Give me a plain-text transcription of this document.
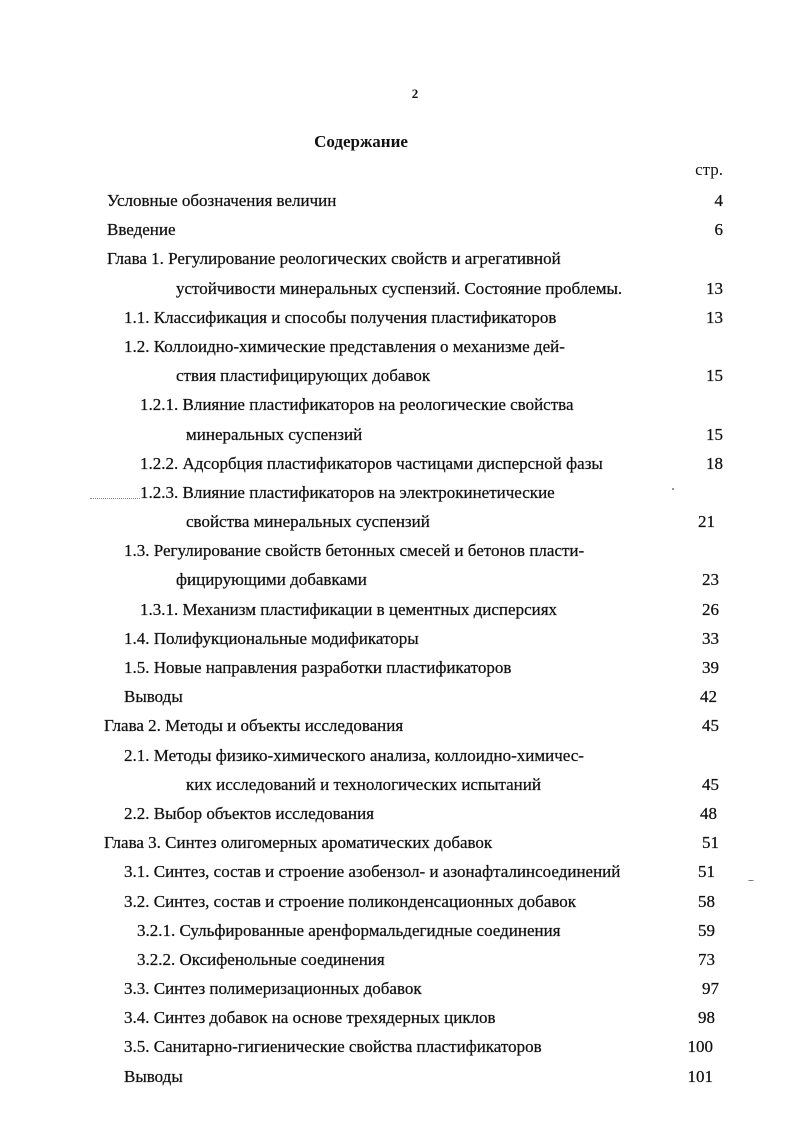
2
Содержание
стр.
Условные обозначения величин	4
Введение	6
Глава 1. Регулирование реологических свойств и агрегативной
устойчивости минеральных суспензий. Состояние проблемы.	13
1.1. Классификация и способы получения пластификаторов	13
1.2. Коллоидно-химические представления о механизме дей-
ствия пластифицирующих добавок	15
1.2.1. Влияние пластификаторов на реологические свойства
минеральных суспензий	15
1.2.2. Адсорбция пластификаторов частицами дисперсной фазы	18
1.2.3. Влияние пластификаторов на электрокинетические
свойства минеральных суспензий	21
1.3. Регулирование свойств бетонных смесей и бетонов пласти-
фицирующими добавками	23
1.3.1. Механизм пластификации в цементных дисперсиях	26
1.4. Полифукциональные модификаторы	33
1.5. Новые направления разработки пластификаторов	39
Выводы	42
Глава 2. Методы и объекты исследования	45
2.1. Методы физико-химического анализа, коллоидно-химичес-
ких исследований и технологических испытаний	45
2.2. Выбор объектов исследования	48
Глава 3. Синтез олигомерных ароматических добавок	51
3.1. Синтез, состав и строение азобензол- и азонафталинсоединений	51
3.2. Синтез, состав и строение поликонденсационных добавок	58
3.2.1. Сульфированные аренформальдегидные соединения	59
3.2.2. Оксифенольные соединения	73
3.3. Синтез полимеризационных добавок	97
3.4. Синтез добавок на основе трехядерных циклов	98
3.5. Санитарно-гигиенические свойства пластификаторов	100
Выводы	101
